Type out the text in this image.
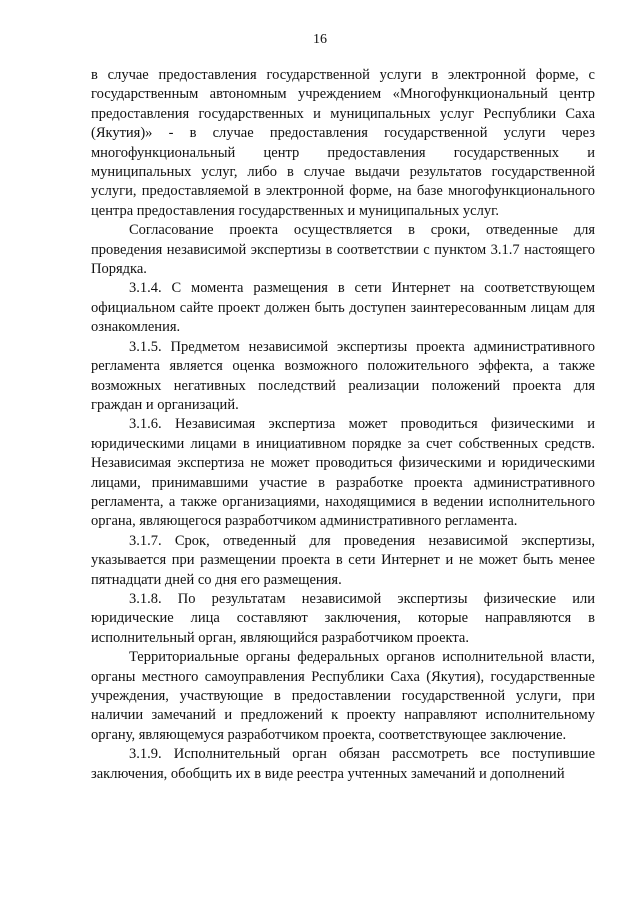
16

в случае предоставления государственной услуги в электронной форме, с государственным автономным учреждением «Многофункциональный центр предоставления государственных и муниципальных услуг Республики Саха (Якутия)» - в случае предоставления государственной услуги через многофункциональный центр предоставления государственных и муниципальных услуг, либо в случае выдачи результатов государственной услуги, предоставляемой в электронной форме, на базе многофункционального центра предоставления государственных и муниципальных услуг.

Согласование проекта осуществляется в сроки, отведенные для проведения независимой экспертизы в соответствии с пунктом 3.1.7 настоящего Порядка.

3.1.4. С момента размещения в сети Интернет на соответствующем официальном сайте проект должен быть доступен заинтересованным лицам для ознакомления.

3.1.5. Предметом независимой экспертизы проекта административного регламента является оценка возможного положительного эффекта, а также возможных негативных последствий реализации положений проекта для граждан и организаций.

3.1.6. Независимая экспертиза может проводиться физическими и юридическими лицами в инициативном порядке за счет собственных средств. Независимая экспертиза не может проводиться физическими и юридическими лицами, принимавшими участие в разработке проекта административного регламента, а также организациями, находящимися в ведении исполнительного органа, являющегося разработчиком административного регламента.

3.1.7. Срок, отведенный для проведения независимой экспертизы, указывается при размещении проекта в сети Интернет и не может быть менее пятнадцати дней со дня его размещения.

3.1.8. По результатам независимой экспертизы физические или юридические лица составляют заключения, которые направляются в исполнительный орган, являющийся разработчиком проекта.

Территориальные органы федеральных органов исполнительной власти, органы местного самоуправления Республики Саха (Якутия), государственные учреждения, участвующие в предоставлении государственной услуги, при наличии замечаний и предложений к проекту направляют исполнительному органу, являющемуся разработчиком проекта, соответствующее заключение.

3.1.9. Исполнительный орган обязан рассмотреть все поступившие заключения, обобщить их в виде реестра учтенных замечаний и дополнений
